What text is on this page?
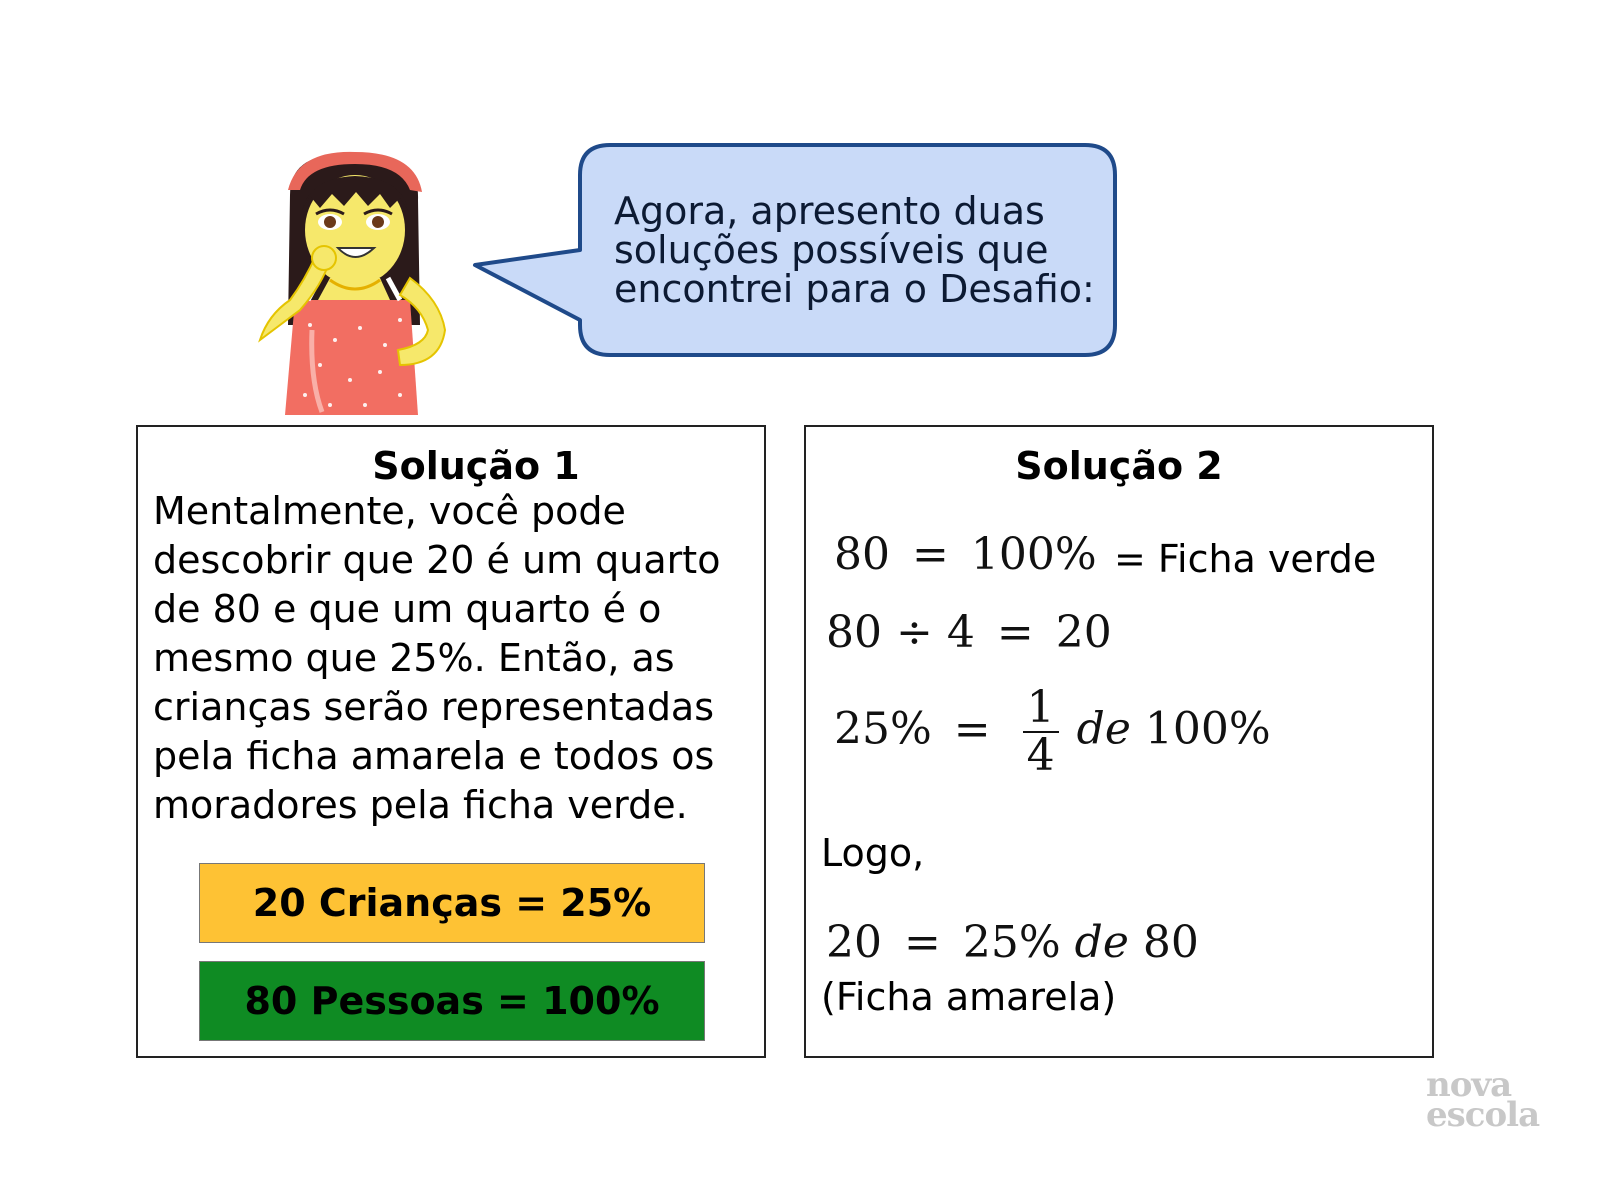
Agora, apresento duas
soluções possíveis que
encontrei para o Desafio:
Solução 1
Mentalmente, você pode descobrir que 20 é um quarto de 80 e que um quarto é o mesmo que 25%. Então, as crianças serão representadas pela ficha amarela e todos os moradores pela ficha verde.
20 Crianças = 25%
80 Pessoas = 100%
Solução 2
80 = 100% = Ficha verde
80 ÷ 4 = 20
$25\% = \frac{1}{4}$ de 100%
Logo,
20 = 25% de 80
(Ficha amarela)
nova
escola
